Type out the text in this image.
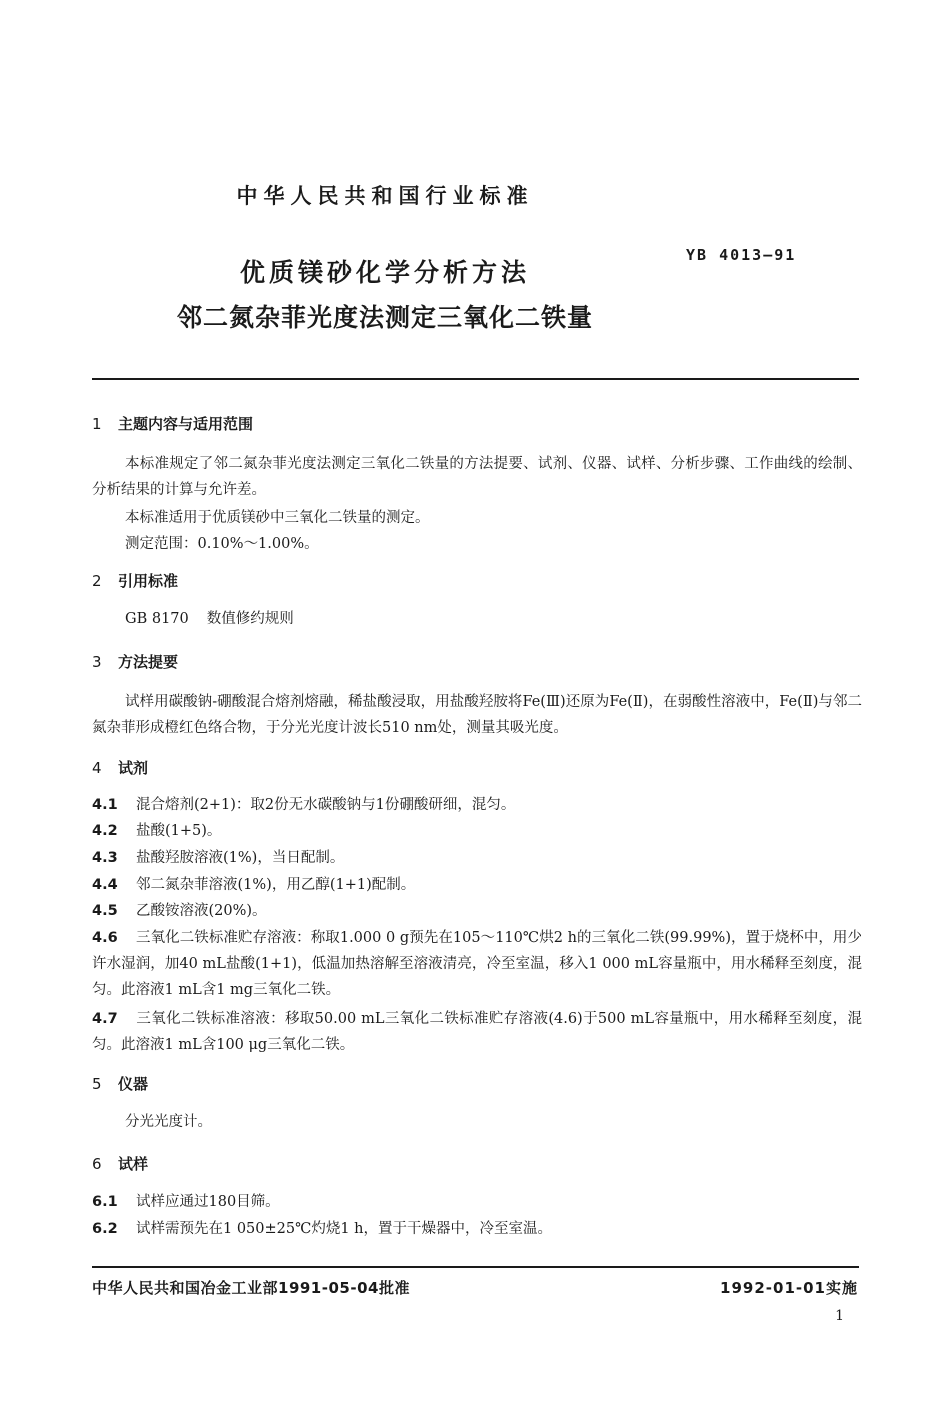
中华人民共和国行业标准
YB 4013—91
优质镁砂化学分析方法
邻二氮杂菲光度法测定三氧化二铁量
1 主题内容与适用范围
本标准规定了邻二氮杂菲光度法测定三氧化二铁量的方法提要、试剂、仪器、试样、分析步骤、工作曲线的绘制、分析结果的计算与允许差。
本标准适用于优质镁砂中三氧化二铁量的测定。
测定范围：0.10%～1.00%。
2 引用标准
GB 8170 数值修约规则
3 方法提要
试样用碳酸钠-硼酸混合熔剂熔融，稀盐酸浸取，用盐酸羟胺将Fe(Ⅲ)还原为Fe(Ⅱ)，在弱酸性溶液中，Fe(Ⅱ)与邻二氮杂菲形成橙红色络合物，于分光光度计波长510 nm处，测量其吸光度。
4 试剂
4.1 混合熔剂(2+1)：取2份无水碳酸钠与1份硼酸研细，混匀。
4.2 盐酸(1+5)。
4.3 盐酸羟胺溶液(1%)，当日配制。
4.4 邻二氮杂菲溶液(1%)，用乙醇(1+1)配制。
4.5 乙酸铵溶液(20%)。
4.6 三氧化二铁标准贮存溶液：称取1.000 0 g预先在105～110℃烘2 h的三氧化二铁(99.99%)，置于烧杯中，用少许水湿润，加40 mL盐酸(1+1)，低温加热溶解至溶液清亮，冷至室温，移入1 000 mL容量瓶中，用水稀释至刻度，混匀。此溶液1 mL含1 mg三氧化二铁。
4.7 三氧化二铁标准溶液：移取50.00 mL三氧化二铁标准贮存溶液(4.6)于500 mL容量瓶中，用水稀释至刻度，混匀。此溶液1 mL含100 μg三氧化二铁。
5 仪器
分光光度计。
6 试样
6.1 试样应通过180目筛。
6.2 试样需预先在1 050±25℃灼烧1 h，置于干燥器中，冷至室温。
中华人民共和国冶金工业部1991-05-04批准	1992-01-01实施
1
